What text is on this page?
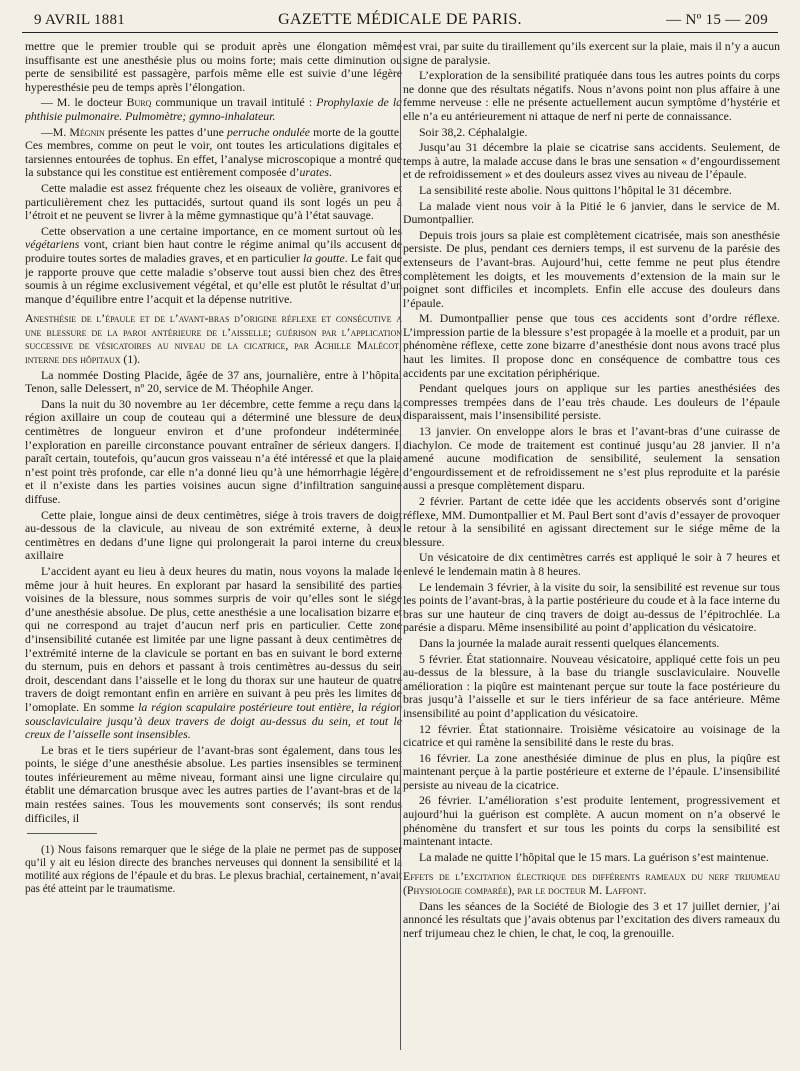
9 AVRIL 1881	GAZETTE MÉDICALE DE PARIS.	— Nº 15 — 209

mettre que le premier trouble qui se produit après une élongation même insuffisante est une anesthésie plus ou moins forte; mais cette diminution ou perte de sensibilité est passagère, parfois même elle est suivie d’une légère hyperesthésie peu de temps après l’élongation.

— M. le docteur Burq communique un travail intitulé : Prophylaxie de la phthisie pulmonaire. Pulmomètre; gymno-inhalateur.

—M. Mégnin présente les pattes d’une perruche ondulée morte de la goutte. Ces membres, comme on peut le voir, ont toutes les articulations digitales et tarsiennes entourées de tophus. En effet, l’analyse microscopique a montré que la substance qui les constitue est entièrement composée d’urates.

Cette maladie est assez fréquente chez les oiseaux de volière, granivores et particulièrement chez les puttacidés, surtout quand ils sont logés un peu à l’étroit et ne peuvent se livrer à la même gymnastique qu’à l’état sauvage.

Cette observation a une certaine importance, en ce moment surtout où les végétariens vont, criant bien haut contre le régime animal qu’ils accusent de produire toutes sortes de maladies graves, et en particulier la goutte. Le fait que je rapporte prouve que cette maladie s’observe tout aussi bien chez des êtres soumis à un régime exclusivement végétal, et qu’elle est plutôt le résultat d’un manque d’équilibre entre l’acquit et la dépense nutritive.

Anesthésie de l’épaule et de l’avant-bras d’origine réflexe et consécutive a une blessure de la paroi antérieure de l’aisselle; guérison par l’application successive de vésicatoires au niveau de la cicatrice, par Achille Malécot, interne des hôpitaux (1).

La nommée Dosting Placide, âgée de 37 ans, journalière, entre à l’hôpital Tenon, salle Delessert, nº 20, service de M. Théophile Anger.

Dans la nuit du 30 novembre au 1er décembre, cette femme a reçu dans la région axillaire un coup de couteau qui a déterminé une blessure de deux centimètres de longueur environ et d’une profondeur indéterminée, l’exploration en pareille circonstance pouvant entraîner de sérieux dangers. Il paraît certain, toutefois, qu’aucun gros vaisseau n’a été intéressé et que la plaie n’est point très profonde, car elle n’a donné lieu qu’à une hémorrhagie légère, et il n’existe dans les parties voisines aucun signe d’infiltration sanguine diffuse.

Cette plaie, longue ainsi de deux centimètres, siége à trois travers de doigt au-dessous de la clavicule, au niveau de son extrémité externe, à deux centimètres en dedans d’une ligne qui prolongerait la paroi interne du creux axillaire

L’accident ayant eu lieu à deux heures du matin, nous voyons la malade le même jour à huit heures. En explorant par hasard la sensibilité des parties voisines de la blessure, nous sommes surpris de voir qu’elles sont le siége d’une anesthésie absolue. De plus, cette anesthésie a une localisation bizarre et qui ne correspond au trajet d’aucun nerf pris en particulier. Cette zone d’insensibilité cutanée est limitée par une ligne passant à deux centimètres de l’extrémité interne de la clavicule se portant en bas en suivant le bord externe du sternum, puis en dehors et passant à trois centimètres au-dessus du sein droit, descendant dans l’aisselle et le long du thorax sur une hauteur de quatre travers de doigt remontant enfin en arrière en suivant à peu près les limites de l’omoplate. En somme la région scapulaire postérieure tout entière, la région sousclaviculaire jusqu’à deux travers de doigt au-dessus du sein, et tout le creux de l’aisselle sont insensibles.

Le bras et le tiers supérieur de l’avant-bras sont également, dans tous les points, le siége d’une anesthésie absolue. Les parties insensibles se terminent toutes inférieurement au même niveau, formant ainsi une ligne circulaire qui établit une démarcation brusque avec les autres parties de l’avant-bras et de la main restées saines. Tous les mouvements sont conservés; ils sont rendus difficiles, il

(1) Nous faisons remarquer que le siége de la plaie ne permet pas de supposer qu’il y ait eu lésion directe des branches nerveuses qui donnent la sensibilité et la motilité aux régions de l’épaule et du bras. Le plexus brachial, certainement, n’avait pas été atteint par le traumatisme.

est vrai, par suite du tiraillement qu’ils exercent sur la plaie, mais il n’y a aucun signe de paralysie.

L’exploration de la sensibilité pratiquée dans tous les autres points du corps ne donne que des résultats négatifs. Nous n’avons point non plus affaire à une femme nerveuse : elle ne présente actuellement aucun symptôme d’hystérie et elle n’a eu antérieurement ni attaque de nerf ni perte de connaissance.

Soir 38,2. Céphalalgie.

Jusqu’au 31 décembre la plaie se cicatrise sans accidents. Seulement, de temps à autre, la malade accuse dans le bras une sensation « d’engourdissement et de refroidissement » et des douleurs assez vives au niveau de l’épaule.

La sensibilité reste abolie. Nous quittons l’hôpital le 31 décembre.

La malade vient nous voir à la Pitié le 6 janvier, dans le service de M. Dumontpallier.

Depuis trois jours sa plaie est complètement cicatrisée, mais son anesthésie persiste. De plus, pendant ces derniers temps, il est survenu de la parésie des extenseurs de l’avant-bras. Aujourd’hui, cette femme ne peut plus étendre complètement les doigts, et les mouvements d’extension de la main sur le poignet sont difficiles et incomplets. Enfin elle accuse des douleurs dans l’épaule.

M. Dumontpallier pense que tous ces accidents sont d’ordre réflexe. L’impression partie de la blessure s’est propagée à la moelle et a produit, par un phénomène réflexe, cette zone bizarre d’anesthésie dont nous avons tracé plus haut les limites. Il propose donc en conséquence de combattre tous ces accidents par une excitation périphérique.

Pendant quelques jours on applique sur les parties anesthésiées des compresses trempées dans de l’eau très chaude. Les douleurs de l’épaule disparaissent, mais l’insensibilité persiste.

13 janvier. On enveloppe alors le bras et l’avant-bras d’une cuirasse de diachylon. Ce mode de traitement est continué jusqu’au 28 janvier. Il n’a amené aucune modification de sensibilité, seulement la sensation d’engourdissement et de refroidissement ne s’est plus reproduite et la parésie aussi a presque complètement disparu.

2 février. Partant de cette idée que les accidents observés sont d’origine réflexe, MM. Dumontpallier et M. Paul Bert sont d’avis d’essayer de provoquer le retour à la sensibilité en agissant directement sur le siége même de la blessure.

Un vésicatoire de dix centimètres carrés est appliqué le soir à 7 heures et enlevé le lendemain matin à 8 heures.

Le lendemain 3 février, à la visite du soir, la sensibilité est revenue sur tous les points de l’avant-bras, à la partie postérieure du coude et à la face interne du bras sur une hauteur de cinq travers de doigt au-dessus de l’épitrochlée. La parésie a disparu. Même insensibilité au point d’application du vésicatoire.

Dans la journée la malade aurait ressenti quelques élancements.

5 février. État stationnaire. Nouveau vésicatoire, appliqué cette fois un peu au-dessus de la blessure, à la base du triangle susclaviculaire. Nouvelle amélioration : la piqûre est maintenant perçue sur toute la face postérieure du bras jusqu’à l’aisselle et sur le tiers inférieur de sa face antérieure. Même insensibilité au point d’application du vésicatoire.

12 février. État stationnaire. Troisième vésicatoire au voisinage de la cicatrice et qui ramène la sensibilité dans le reste du bras.

16 février. La zone anesthésiée diminue de plus en plus, la piqûre est maintenant perçue à la partie postérieure et externe de l’épaule. L’insensibilité persiste au niveau de la cicatrice.

26 février. L’amélioration s’est produite lentement, progressivement et aujourd’hui la guérison est complète. A aucun moment on n’a observé le phénomène du transfert et sur tous les points du corps la sensibilité est maintenant intacte.

La malade ne quitte l’hôpital que le 15 mars. La guérison s’est maintenue.

Effets de l’excitation électrique des différents rameaux du nerf trijumeau (Physiologie comparée), par le docteur M. Laffont.

Dans les séances de la Société de Biologie des 3 et 17 juillet dernier, j’ai annoncé les résultats que j’avais obtenus par l’excitation des divers rameaux du nerf trijumeau chez le chien, le chat, le coq, la grenouille.
